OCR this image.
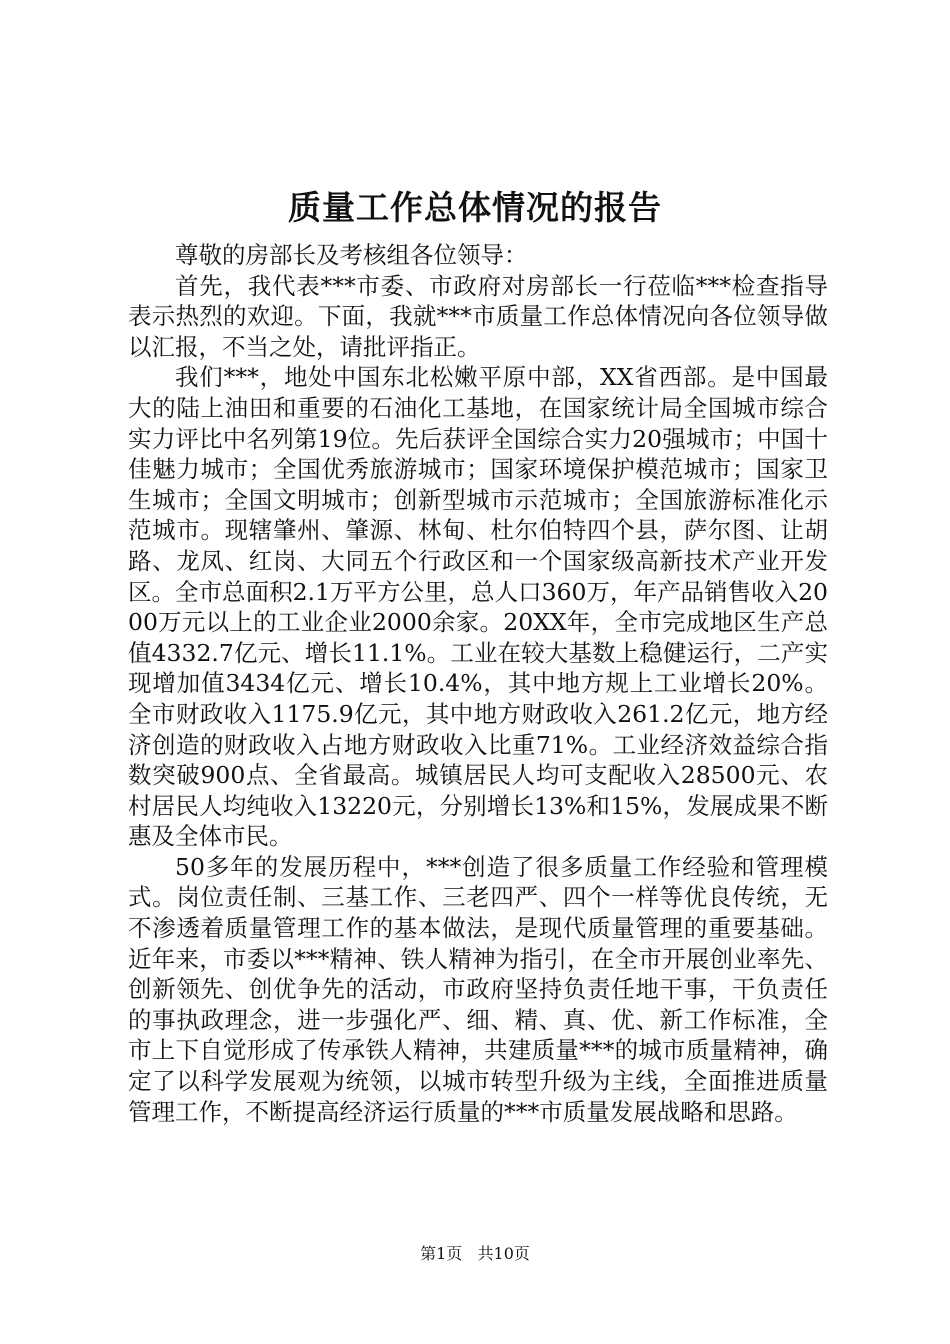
质量工作总体情况的报告

尊敬的房部长及考核组各位领导：

首先，我代表***市委、市政府对房部长一行莅临***检查指导表示热烈的欢迎。下面，我就***市质量工作总体情况向各位领导做以汇报，不当之处，请批评指正。

我们***，地处中国东北松嫩平原中部，XX省西部。是中国最大的陆上油田和重要的石油化工基地，在国家统计局全国城市综合实力评比中名列第19位。先后获评全国综合实力20强城市；中国十佳魅力城市；全国优秀旅游城市；国家环境保护模范城市；国家卫生城市；全国文明城市；创新型城市示范城市；全国旅游标准化示范城市。现辖肇州、肇源、林甸、杜尔伯特四个县，萨尔图、让胡路、龙凤、红岗、大同五个行政区和一个国家级高新技术产业开发区。全市总面积2.1万平方公里，总人口360万，年产品销售收入2000万元以上的工业企业2000余家。20XX年，全市完成地区生产总值4332.7亿元、增长11.1%。工业在较大基数上稳健运行，二产实现增加值3434亿元、增长10.4%，其中地方规上工业增长20%。全市财政收入1175.9亿元，其中地方财政收入261.2亿元，地方经济创造的财政收入占地方财政收入比重71%。工业经济效益综合指数突破900点、全省最高。城镇居民人均可支配收入28500元、农村居民人均纯收入13220元，分别增长13%和15%，发展成果不断惠及全体市民。

50多年的发展历程中，***创造了很多质量工作经验和管理模式。岗位责任制、三基工作、三老四严、四个一样等优良传统，无不渗透着质量管理工作的基本做法，是现代质量管理的重要基础。近年来，市委以***精神、铁人精神为指引，在全市开展创业率先、创新领先、创优争先的活动，市政府坚持负责任地干事，干负责任的事执政理念，进一步强化严、细、精、真、优、新工作标准，全市上下自觉形成了传承铁人精神，共建质量***的城市质量精神，确定了以科学发展观为统领，以城市转型升级为主线，全面推进质量管理工作，不断提高经济运行质量的***市质量发展战略和思路。

第1页 共10页
